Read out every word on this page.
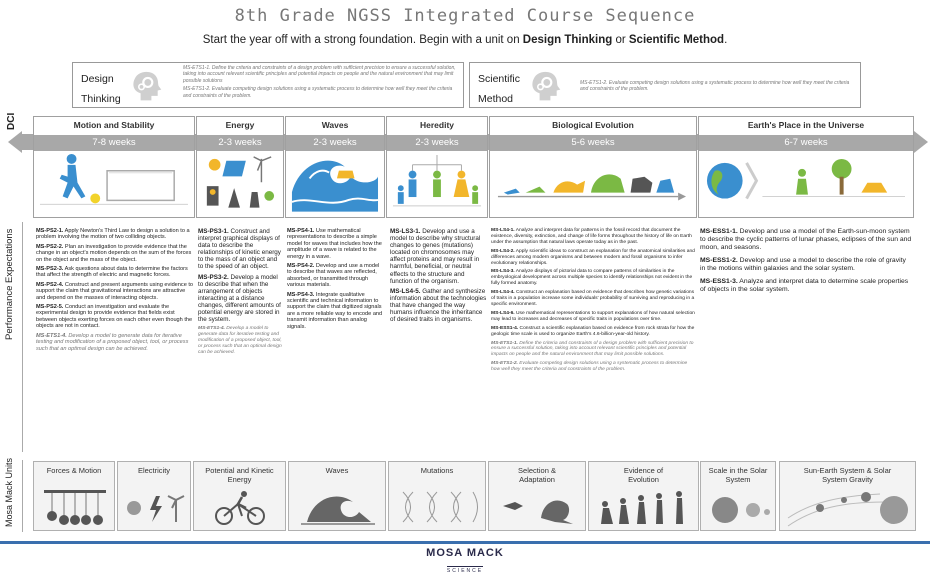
8th Grade NGSS Integrated Course Sequence
Start the year off with a strong foundation. Begin with a unit on Design Thinking or Scientific Method.
Design
Thinking
MS-ETS1-1. Define the criteria and constraints of a design problem with sufficient precision to ensure a successful solution, taking into account relevant scientific principles and potential impacts on people and the natural environment that may limit possible solutions
MS-ETS1-2. Evaluate competing design solutions using a systematic process to determine how well they meet the criteria and constraints of the problem.
Scientific
Method
MS-ETS1-2. Evaluate competing design solutions using a systematic process to determine how well they meet the criteria and constraints of the problem.
DCI	Motion and Stability
7-8 weeks
Energy
2-3 weeks
Waves
2-3 weeks
Heredity
2-3 weeks
Biological Evolution
5-6 weeks
Earth's Place in the Universe
6-7 weeks
Performance Expectations	MS-PS2-1. Apply Newton's Third Law to design a solution to a problem involving the motion of two colliding objects.
MS-PS2-2. Plan an investigation to provide evidence that the change in an object's motion depends on the sum of the forces on the object and the mass of the object.
MS-PS2-3. Ask questions about data to determine the factors that affect the strength of electric and magnetic forces.
MS-PS2-4. Construct and present arguments using evidence to support the claim that gravitational interactions are attractive and depend on the masses of interacting objects.
MS-PS2-5. Conduct an investigation and evaluate the experimental design to provide evidence that fields exist between objects exerting forces on each other even though the objects are not in contact.
MS-ETS1-4. Develop a model to generate data for iterative testing and modification of a proposed object, tool, or process such that an optimal design can be achieved.
MS-PS3-1. Construct and interpret graphical displays of data to describe the relationships of kinetic energy to the mass of an object and to the speed of an object.
MS-PS3-2. Develop a model to describe that when the arrangement of objects interacting at a distance changes, different amounts of potential energy are stored in the system.
MS-ETS1-4. Develop a model to generate data for iterative testing and modification of a proposed object, tool, or process such that an optimal design can be achieved.
MS-PS4-1. Use mathematical representations to describe a simple model for waves that includes how the amplitude of a wave is related to the energy in a wave.
MS-PS4-2. Develop and use a model to describe that waves are reflected, absorbed, or transmitted through various materials.
MS-PS4-3. Integrate qualitative scientific and technical information to support the claim that digitized signals are a more reliable way to encode and transmit information than analog signals.
MS-LS3-1. Develop and use a model to describe why structural changes to genes (mutations) located on chromosomes may affect proteins and may result in harmful, beneficial, or neutral effects to the structure and function of the organism.
MS-LS4-5. Gather and synthesize information about the technologies that have changed the way humans influence the inheritance of desired traits in organisms.
MS-LS4-1. Analyze and interpret data for patterns in the fossil record that document the existence, diversity, extinction, and change of life forms throughout the history of life on Earth under the assumption that natural laws operate today as in the past.
MS-LS4-2. Apply scientific ideas to construct an explanation for the anatomical similarities and differences among modern organisms and between modern and fossil organisms to infer evolutionary relationships.
MS-LS4-3. Analyze displays of pictorial data to compare patterns of similarities in the embryological development across multiple species to identify relationships not evident in the fully formed anatomy.
MS-LS4-4. Construct an explanation based on evidence that describes how genetic variations of traits in a population increase some individuals' probability of surviving and reproducing in a specific environment.
MS-LS4-6. Use mathematical representations to support explanations of how natural selection may lead to increases and decreases of specific traits in populations over time.
MS-ESS1-4. Construct a scientific explanation based on evidence from rock strata for how the geologic time scale is used to organize Earth's 4.6-billion-year-old history.
MS-ETS1-1. Define the criteria and constraints of a design problem with sufficient precision to ensure a successful solution, taking into account relevant scientific principles and potential impacts on people and the natural environment that may limit possible solutions.
MS-ETS1-2. Evaluate competing design solutions using a systematic process to determine how well they meet the criteria and constraints of the problem.
MS-ESS1-1. Develop and use a model of the Earth-sun-moon system to describe the cyclic patterns of lunar phases, eclipses of the sun and moon, and seasons.
MS-ESS1-2. Develop and use a model to describe the role of gravity in the motions within galaxies and the solar system.
MS-ESS1-3. Analyze and interpret data to determine scale properties of objects in the solar system.
Mosa Mack Units	Forces & Motion	Electricity	Potential and Kinetic Energy
Waves	Mutations	Selection & Adaptation
Evidence of Evolution
Scale in the Solar System
Sun-Earth System & Solar System Gravity
MOSA MACK
SCIENCE
